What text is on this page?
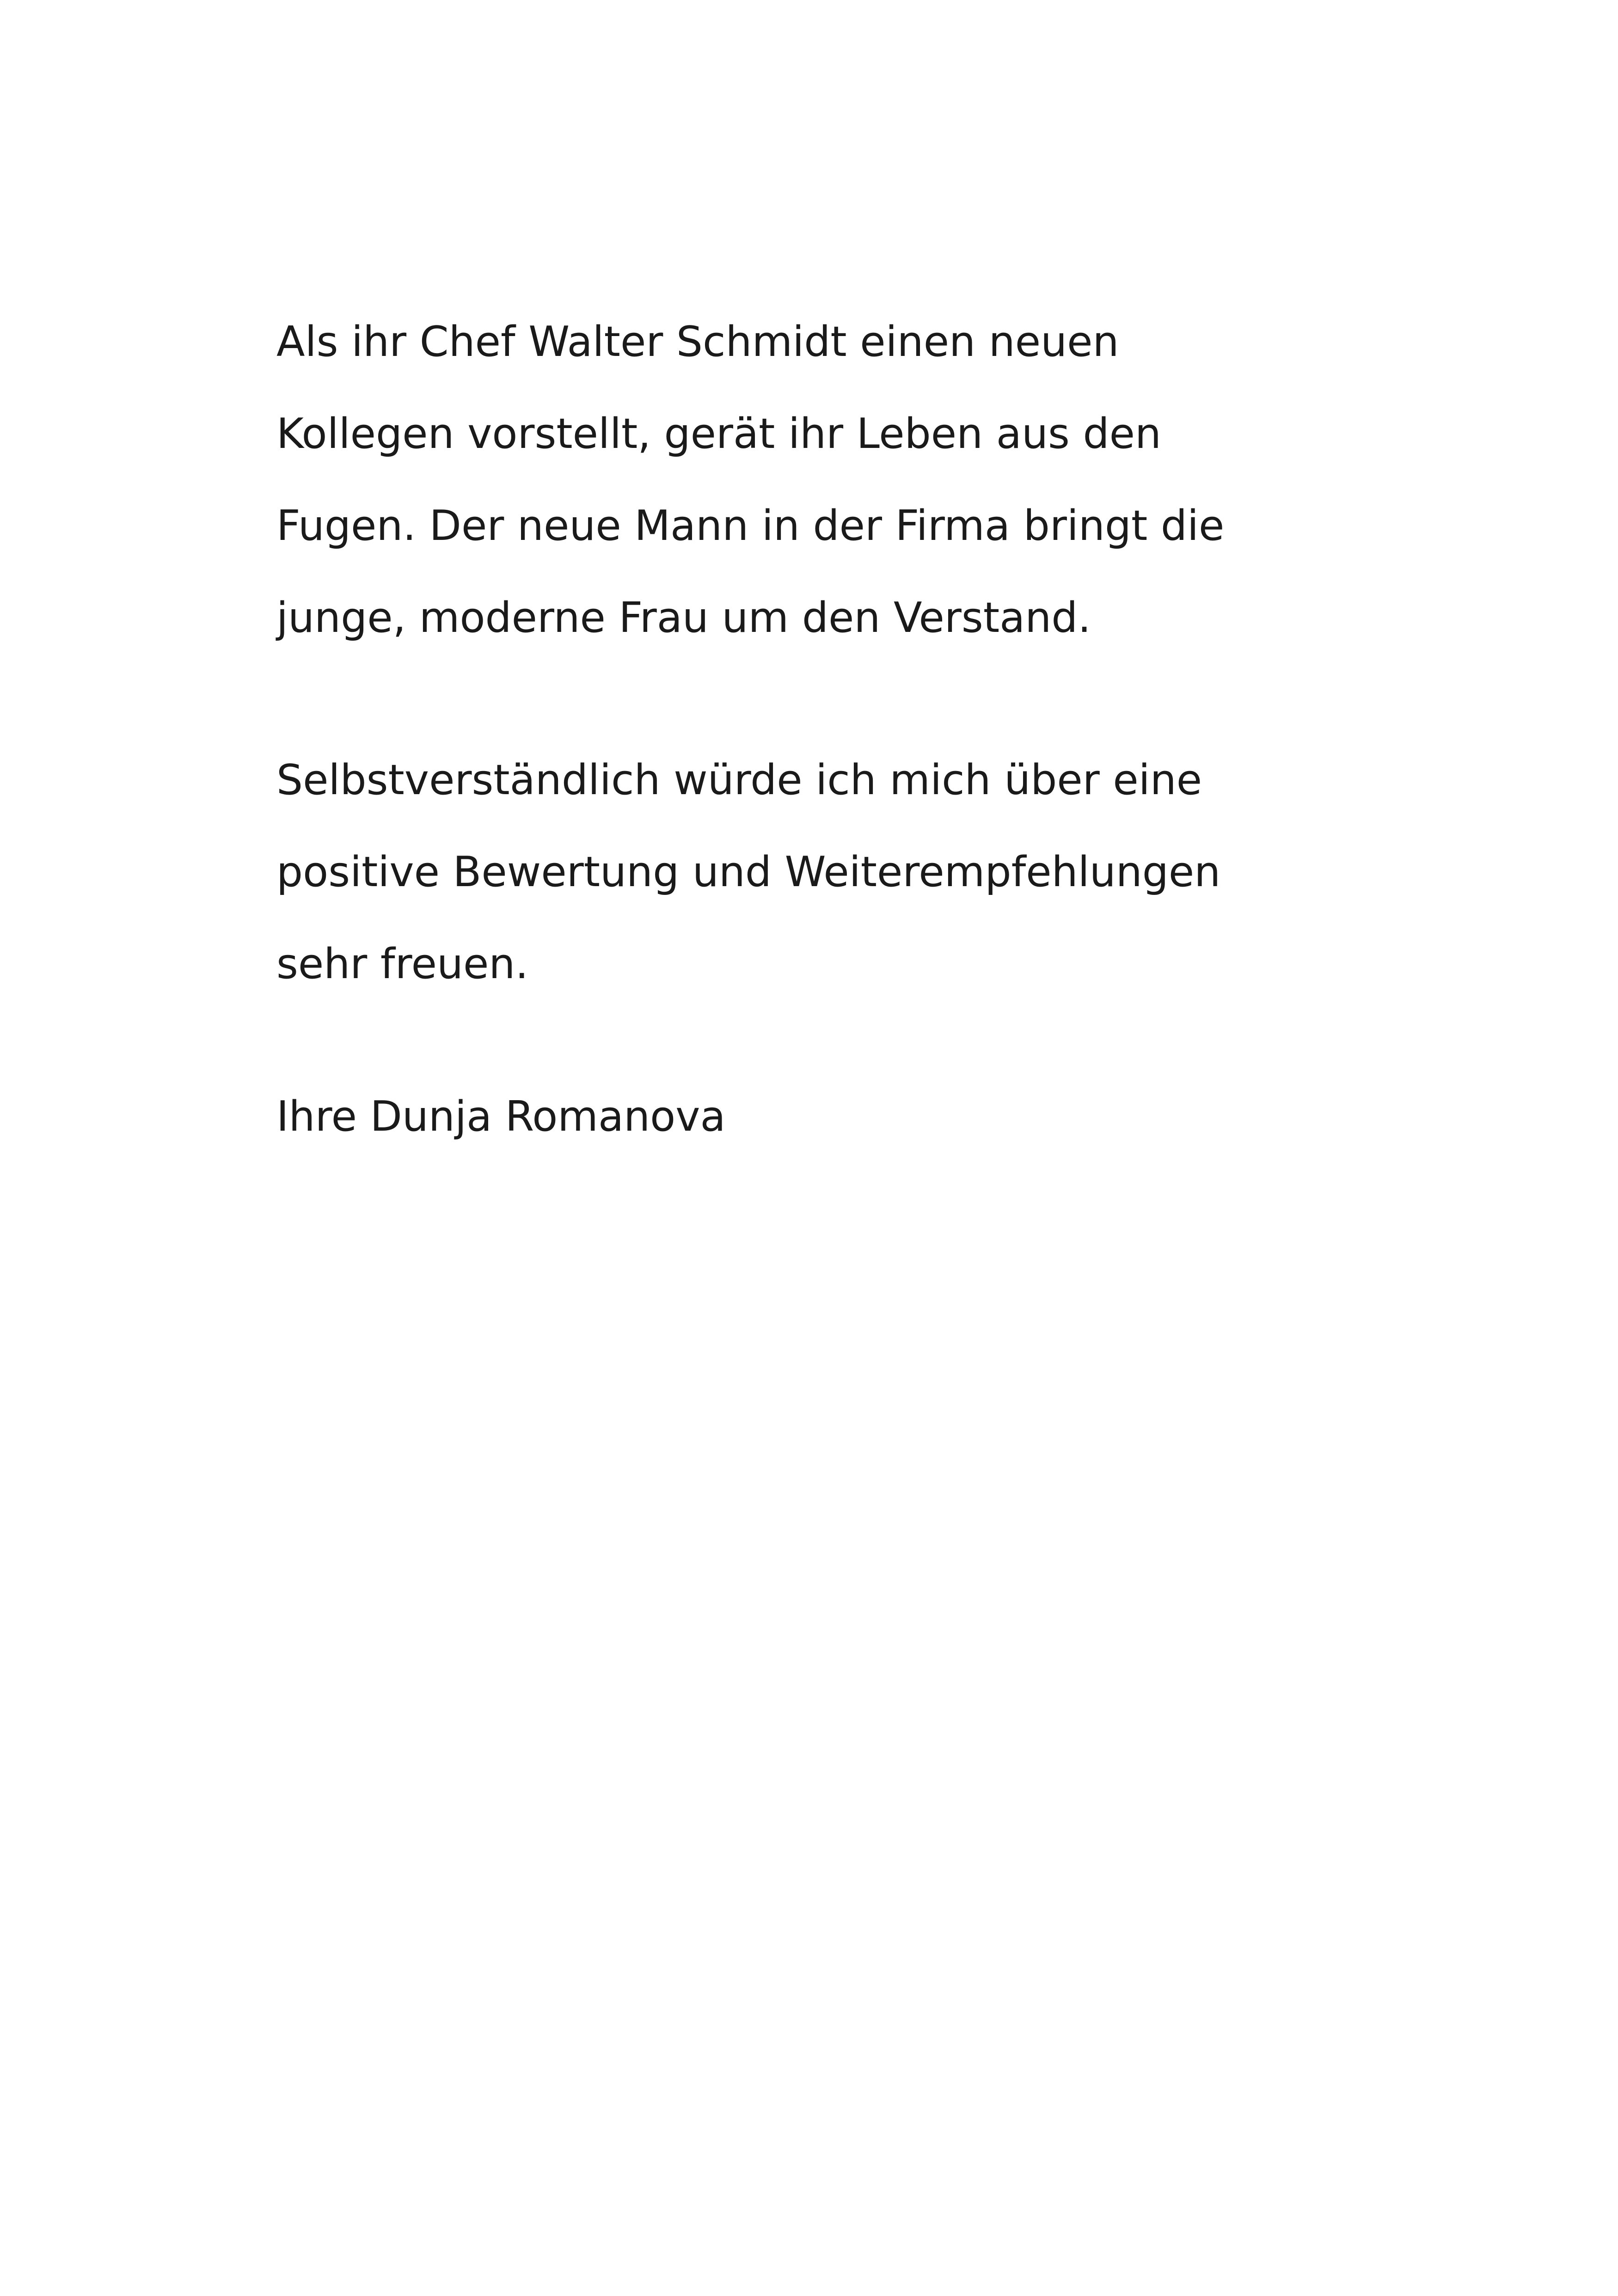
Als ihr Chef Walter Schmidt einen neuen
Kollegen vorstellt, gerät ihr Leben aus den
Fugen. Der neue Mann in der Firma bringt die
junge, moderne Frau um den Verstand.
Selbstverständlich würde ich mich über eine
positive Bewertung und Weiterempfehlungen
sehr freuen.
Ihre Dunja Romanova
